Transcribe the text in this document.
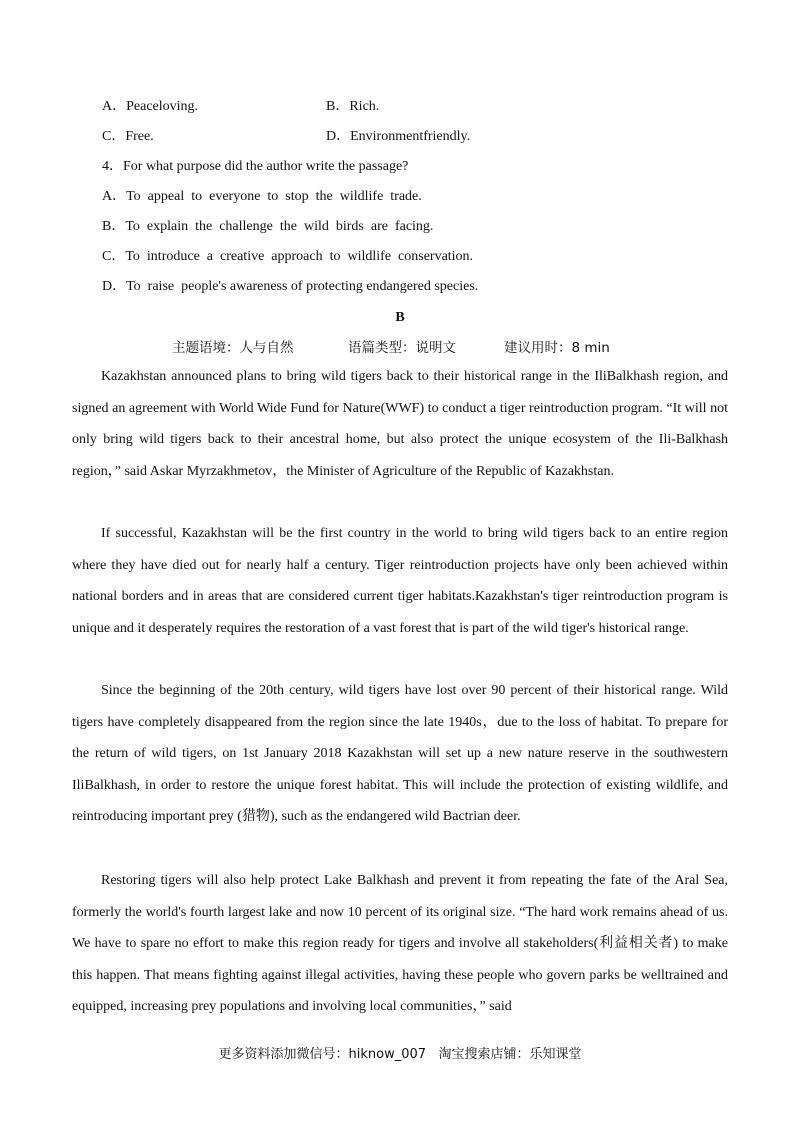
A．Peaceloving.	B．Rich.
C．Free.	D．Environmentfriendly.
4．For what purpose did the author write the passage?
A．To  appeal  to  everyone  to  stop  the  wildlife  trade.
B．To  explain  the  challenge  the  wild  birds  are  facing.
C．To  introduce  a  creative  approach  to  wildlife  conservation.
D．To  raise  people's awareness of protecting endangered species.
B
主题语境：人与自然	语篇类型：说明文	建议用时：8 min

Kazakhstan announced plans to bring wild tigers back to their historical range in the IliBalkhash region, and signed an agreement with World Wide Fund for Nature(WWF) to conduct a tiger reintroduction program. “It will not only bring wild tigers back to their ancestral home, but also protect the unique ecosystem of the Ili-Balkhash region，” said Askar Myrzakhmetov，the Minister of Agriculture of the Republic of Kazakhstan.

If successful, Kazakhstan will be the first country in the world to bring wild tigers back to an entire region where they have died out for nearly half a century. Tiger reintroduction projects have only been achieved within national borders and in areas that are considered current tiger habitats.Kazakhstan's tiger reintroduction program is unique and it desperately requires the restoration of a vast forest that is part of the wild tiger's historical range.

Since the beginning of the 20th century, wild tigers have lost over 90 percent of their historical range. Wild tigers have completely disappeared from the region since the late 1940s，due to the loss of habitat. To prepare for the return of wild tigers, on 1st January 2018 Kazakhstan will set up a new nature reserve in the southwestern IliBalkhash, in order to restore the unique forest habitat. This will include the protection of existing wildlife, and reintroducing important prey (猎物), such as the endangered wild Bactrian deer.

Restoring tigers will also help protect Lake Balkhash and prevent it from repeating the fate of the Aral Sea, formerly the world's fourth largest lake and now 10 percent of its original size. “The hard work remains ahead of us. We have to spare no effort to make this region ready for tigers and involve all stakeholders(利益相关者) to make this happen. That means fighting against illegal activities, having these people who govern parks be welltrained and equipped, increasing prey populations and involving local communities，” said

更多资料添加微信号：hiknow_007   淘宝搜索店铺：乐知课堂
